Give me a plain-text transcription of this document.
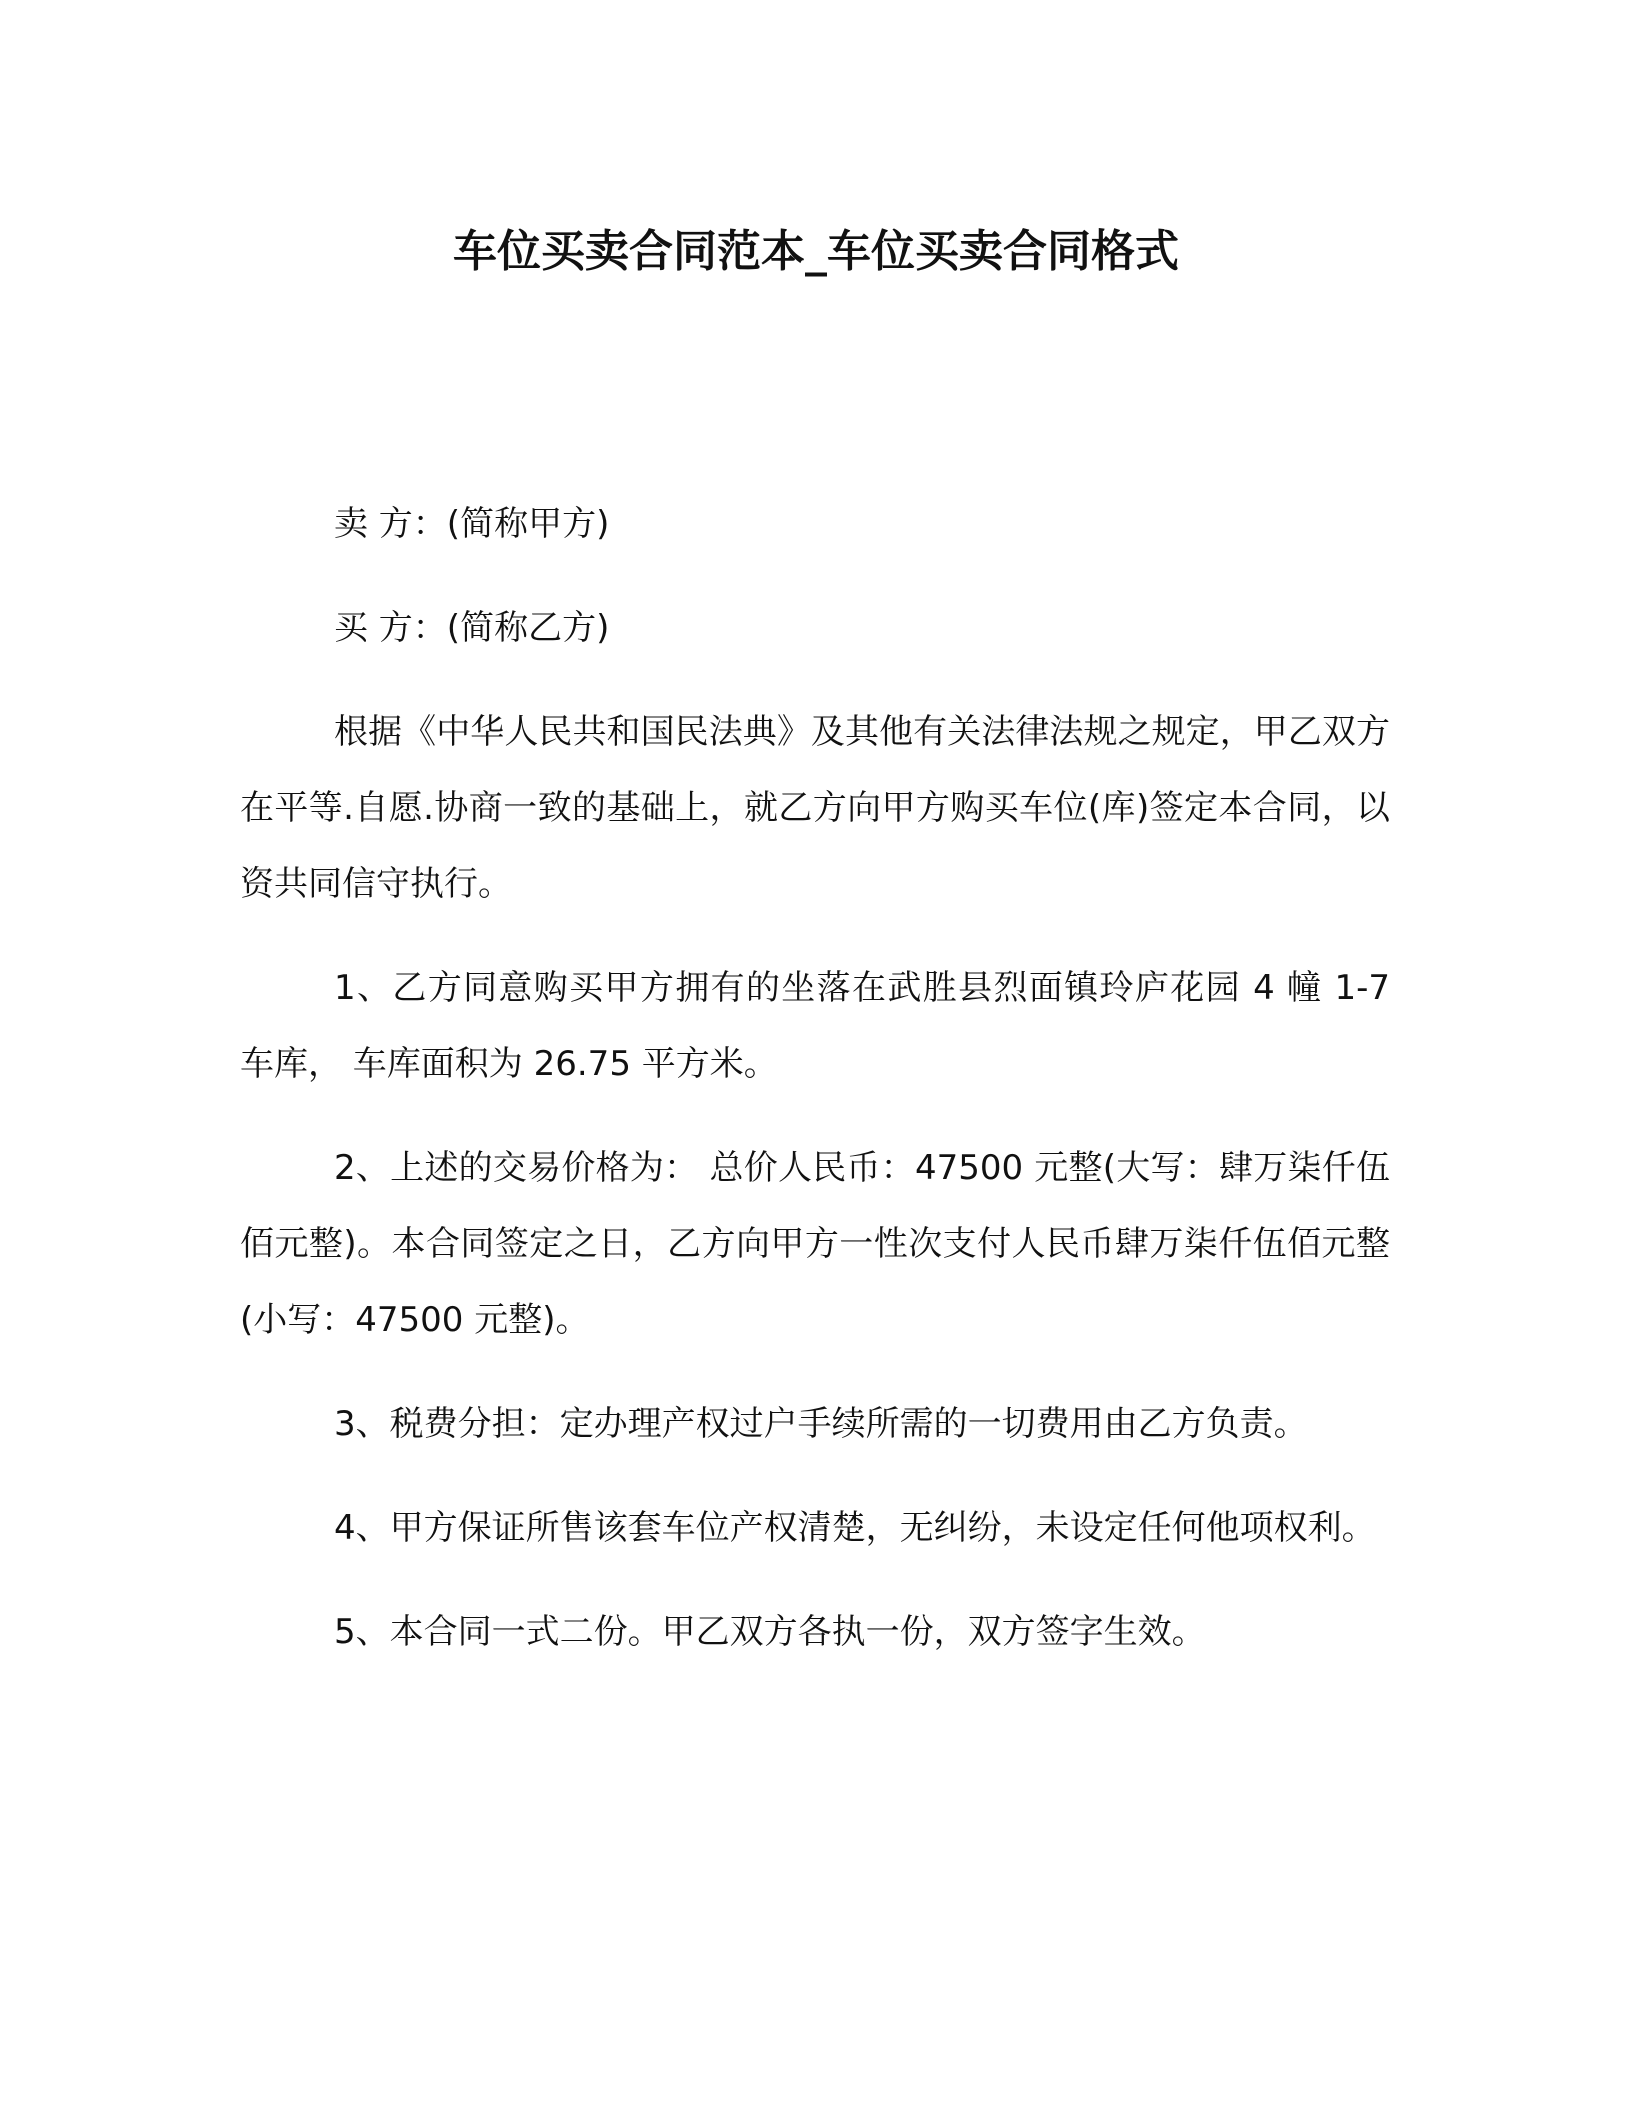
车位买卖合同范本_车位买卖合同格式

卖 方：(简称甲方)

买 方：(简称乙方)

根据《中华人民共和国民法典》及其他有关法律法规之规定，甲乙双方在平等.自愿.协商一致的基础上，就乙方向甲方购买车位(库)签定本合同，以资共同信守执行。

1、乙方同意购买甲方拥有的坐落在武胜县烈面镇玲庐花园 4 幢 1-7 车库， 车库面积为 26.75 平方米。

2、上述的交易价格为： 总价人民币：47500 元整(大写：肆万柒仟伍佰元整)。本合同签定之日，乙方向甲方一性次支付人民币肆万柒仟伍佰元整(小写：47500 元整)。

3、税费分担：定办理产权过户手续所需的一切费用由乙方负责。

4、甲方保证所售该套车位产权清楚，无纠纷，未设定任何他项权利。

5、本合同一式二份。甲乙双方各执一份，双方签字生效。
